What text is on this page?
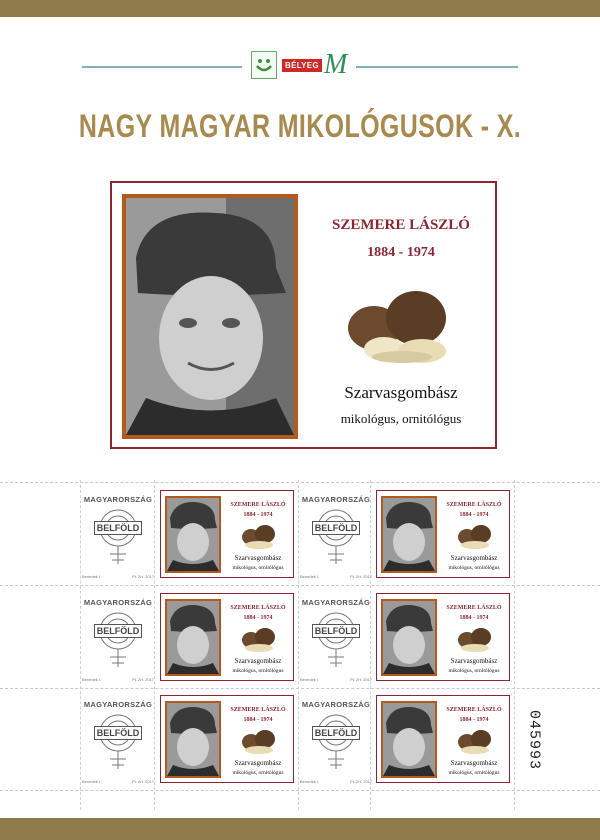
BÉLYEG M
NAGY MAGYAR MIKOLÓGUSOK - X.
SZEMERE LÁSZLÓ
1884 - 1974
Szarvasgombász
mikológus, ornitólógus
MAGYARORSZÁG
BELFÖLD
Benedek I.	PL Zrt. 2017
SZEMERE LÁSZLÓ
1884 - 1974
Szarvasgombász
mikológus, ornitólógus
MAGYARORSZÁG
BELFÖLD
Benedek I.	PL Zrt. 2017
SZEMERE LÁSZLÓ
1884 - 1974
Szarvasgombász
mikológus, ornitólógus
MAGYARORSZÁG
BELFÖLD
Benedek I.	PL Zrt. 2017
SZEMERE LÁSZLÓ
1884 - 1974
Szarvasgombász
mikológus, ornitólógus
MAGYARORSZÁG
BELFÖLD
Benedek I.	PL Zrt. 2017
SZEMERE LÁSZLÓ
1884 - 1974
Szarvasgombász
mikológus, ornitólógus
MAGYARORSZÁG
BELFÖLD
Benedek I.	PL Zrt. 2017
SZEMERE LÁSZLÓ
1884 - 1974
Szarvasgombász
mikológus, ornitólógus
MAGYARORSZÁG
BELFÖLD
Benedek I.	PL Zrt. 2017
SZEMERE LÁSZLÓ
1884 - 1974
Szarvasgombász
mikológus, ornitólógus
045993
